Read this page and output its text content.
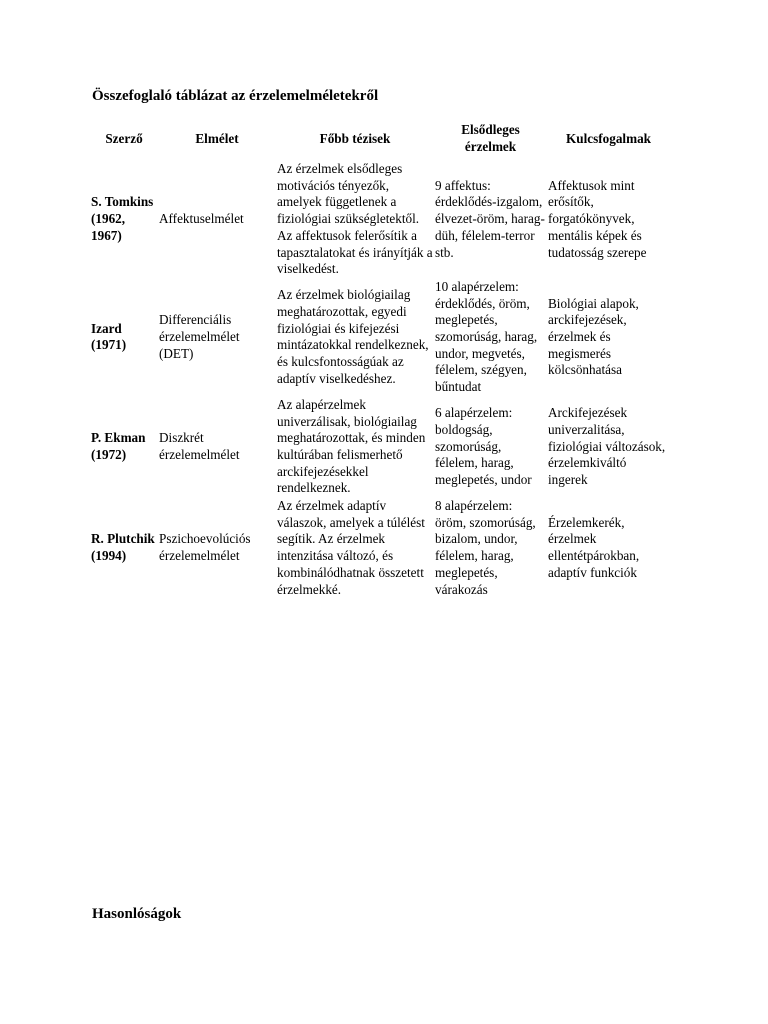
Összefoglaló táblázat az érzelemelméletekről
Szerző	Elmélet	Főbb tézisek	Elsődleges érzelmek	Kulcsfogalmak
S. Tomkins (1962, 1967)	Affektuselmélet	Az érzelmek elsődleges motivációs tényezők, amelyek függetlenek a fiziológiai szükségletektől. Az affektusok felerősítik a tapasztalatokat és irányítják a viselkedést.	9 affektus: érdeklődés-izgalom, élvezet-öröm, harag-düh, félelem-terror stb.	Affektusok mint erősítők, forgatókönyvek, mentális képek és tudatosság szerepe
Izard (1971)	Differenciális érzelemelmélet (DET)	Az érzelmek biológiailag meghatározottak, egyedi fiziológiai és kifejezési mintázatokkal rendelkeznek, és kulcsfontosságúak az adaptív viselkedéshez.	10 alapérzelem: érdeklődés, öröm, meglepetés, szomorúság, harag, undor, megvetés, félelem, szégyen, bűntudat	Biológiai alapok, arckifejezések, érzelmek és megismerés kölcsönhatása
P. Ekman (1972)	Diszkrét érzelemelmélet	Az alapérzelmek univerzálisak, biológiailag meghatározottak, és minden kultúrában felismerhető arckifejezésekkel rendelkeznek.	6 alapérzelem: boldogság, szomorúság, félelem, harag, meglepetés, undor	Arckifejezések univerzalitása, fiziológiai változások, érzelemkiváltó ingerek
R. Plutchik (1994)	Pszichoevolúciós érzelemelmélet	Az érzelmek adaptív válaszok, amelyek a túlélést segítik. Az érzelmek intenzitása változó, és kombinálódhatnak összetett érzelmekké.	8 alapérzelem: öröm, szomorúság, bizalom, undor, félelem, harag, meglepetés, várakozás	Érzelemkerék, érzelmek ellentétpárokban, adaptív funkciók
Hasonlóságok
